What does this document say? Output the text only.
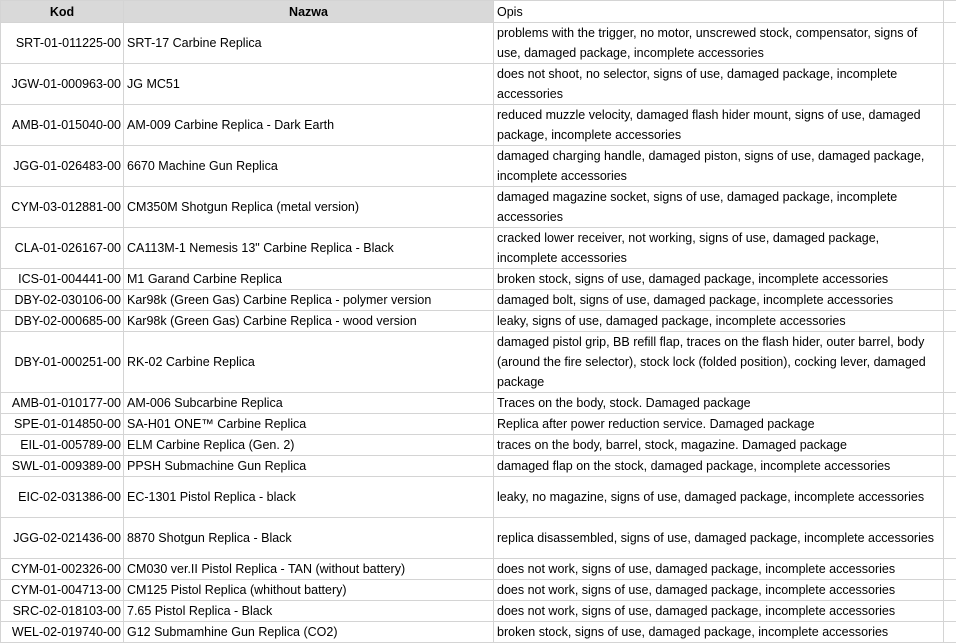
Kod	Nazwa	Opis	
SRT-01-011225-00	SRT-17 Carbine Replica	problems with the trigger, no motor, unscrewed stock, compensator, signs of use, damaged package, incomplete accessories	
JGW-01-000963-00	JG MC51	does not shoot, no selector, signs of use, damaged package, incomplete accessories	
AMB-01-015040-00	AM-009 Carbine Replica - Dark Earth	reduced muzzle velocity, damaged flash hider mount, signs of use, damaged package, incomplete accessories	
JGG-01-026483-00	6670 Machine Gun Replica	damaged charging handle, damaged piston, signs of use, damaged package, incomplete accessories	
CYM-03-012881-00	CM350M Shotgun Replica (metal version)	damaged magazine socket, signs of use, damaged package, incomplete accessories	
CLA-01-026167-00	CA113M-1 Nemesis 13" Carbine Replica - Black	cracked lower receiver, not working, signs of use, damaged package, incomplete accessories	
ICS-01-004441-00	M1 Garand Carbine Replica	broken stock, signs of use, damaged package, incomplete accessories	
DBY-02-030106-00	Kar98k (Green Gas) Carbine Replica - polymer version	damaged bolt, signs of use, damaged package, incomplete accessories	
DBY-02-000685-00	Kar98k (Green Gas) Carbine Replica - wood version	leaky, signs of use, damaged package, incomplete accessories	
DBY-01-000251-00	RK-02 Carbine Replica	damaged pistol grip, BB refill flap, traces on the flash hider, outer barrel, body (around the fire selector), stock lock (folded position), cocking lever, damaged package	
AMB-01-010177-00	AM-006 Subcarbine Replica	Traces on the body, stock. Damaged package	
SPE-01-014850-00	SA-H01 ONE™ Carbine Replica	Replica after power reduction service. Damaged package	
EIL-01-005789-00	ELM Carbine Replica (Gen. 2)	traces on the body, barrel, stock, magazine. Damaged package	
SWL-01-009389-00	PPSH Submachine Gun Replica	damaged flap on the stock, damaged package, incomplete accessories	
EIC-02-031386-00	EC-1301 Pistol Replica - black	leaky, no magazine, signs of use, damaged package, incomplete accessories	
JGG-02-021436-00	8870 Shotgun Replica - Black	replica disassembled, signs of use, damaged package, incomplete accessories	
CYM-01-002326-00	CM030 ver.II Pistol Replica - TAN (without battery)	does not work, signs of use, damaged package, incomplete accessories	
CYM-01-004713-00	CM125 Pistol Replica (whithout battery)	does not work, signs of use, damaged package, incomplete accessories	
SRC-02-018103-00	7.65 Pistol Replica - Black	does not work, signs of use, damaged package, incomplete accessories	
WEL-02-019740-00	G12 Submamhine Gun Replica (CO2)	broken stock, signs of use, damaged package, incomplete accessories	
